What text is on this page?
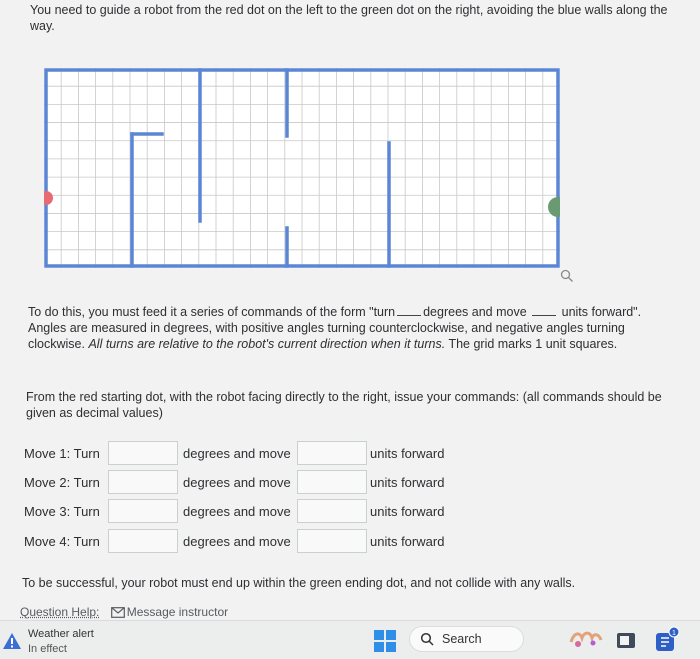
You need to guide a robot from the red dot on the left to the green dot on the right, avoiding the blue walls along the way.
To do this, you must feed it a series of commands of the form "turn degrees and move	units forward". Angles are measured in degrees, with positive angles turning counterclockwise, and negative angles turning clockwise. All turns are relative to the robot's current direction when it turns. The grid marks 1 unit squares.
From the red starting dot, with the robot facing directly to the right, issue your commands: (all commands should be given as decimal values)
Move 1: Turn	degrees and move	units forward
Move 2: Turn	degrees and move	units forward
Move 3: Turn	degrees and move	units forward
Move 4: Turn	degrees and move	units forward
To be successful, your robot must end up within the green ending dot, and not collide with any walls.
Question Help: Message instructor
Weather alert
In effect
Search	1
